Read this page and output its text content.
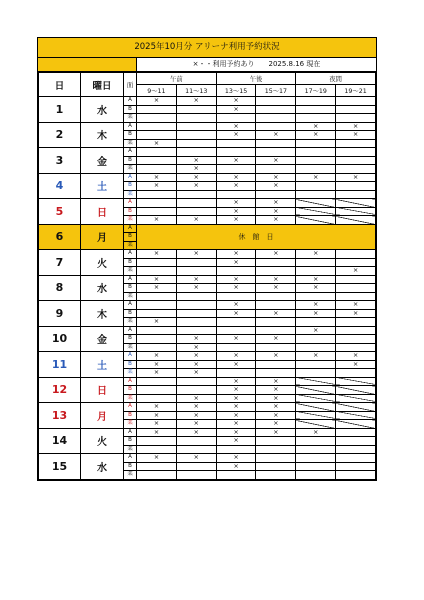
2025年10月分 アリーナ利用予約状況
×・・利用予約あり　　2025.8.16 現在
日	曜日	面	午前		午後		夜間	
			9～11	11～13	13～15	15～17	17～19	19～21
1	水	A	×	×	×			
		B			×			
		柔						
2	木	A			×		×	×
		B			×	×	×	×
		柔	×					
3	金	A						
		B		×	×	×		
		柔		×				
4	土	A	×	×	×	×	×	×
		B	×	×	×	×		
		柔						
5	日	A			×	×		
		B			×	×		
		柔	×	×	×	×		
6	月	A	休　館　日					
		B						
		柔						
7	火	A	×	×	×	×	×	
		B			×			
		柔						×
8	水	A	×	×	×	×	×	
		B	×	×	×	×	×	
		柔						
9	木	A			×		×	×
		B			×	×	×	×
		柔	×					
10	金	A					×	
		B		×	×	×		
		柔		×				
11	土	A	×	×	×	×	×	×
		B	×	×	×			×
		柔	×	×				
12	日	A			×	×		
		B			×	×		
		柔		×	×	×		
13	月	A	×	×	×	×		
		B	×	×	×	×		
		柔	×	×	×	×		
14	火	A	×	×	×	×	×	
		B			×			
		柔						
15	水	A	×	×	×			
		B			×			
		柔						
